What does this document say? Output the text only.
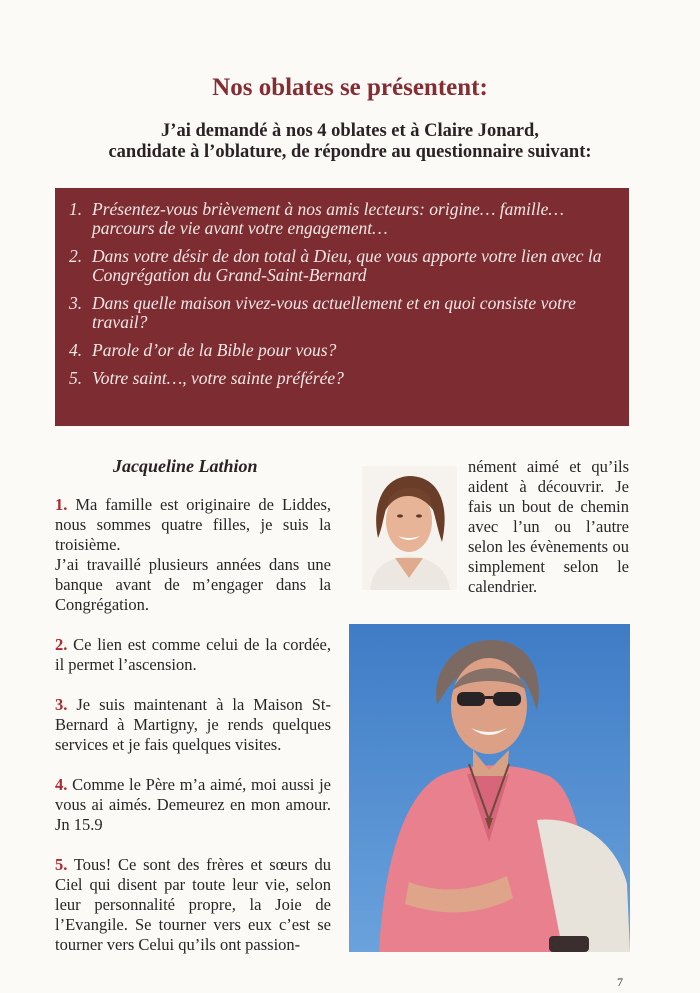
Nos oblates se présentent:
J’ai demandé à nos 4 oblates et à Claire Jonard,
candidate à l’oblature, de répondre au questionnaire suivant:
1. Présentez-vous brièvement à nos amis lecteurs: origine… famille… parcours de vie avant votre engagement…
2. Dans votre désir de don total à Dieu, que vous apporte votre lien avec la Congrégation du Grand-Saint-Bernard
3. Dans quelle maison vivez-vous actuellement et en quoi consiste votre travail?
4. Parole d’or de la Bible pour vous?
5. Votre saint…, votre sainte préférée?
Jacqueline Lathion

1. Ma famille est originaire de Liddes, nous sommes quatre filles, je suis la troisième.
J’ai travaillé plusieurs années dans une banque avant de m’engager dans la Congrégation.

2. Ce lien est comme celui de la cordée, il permet l’ascension.

3. Je suis maintenant à la Maison St-Bernard à Martigny, je rends quelques services et je fais quelques visites.

4. Comme le Père m’a aimé, moi aussi je vous ai aimés. Demeurez en mon amour. Jn 15.9

5. Tous! Ce sont des frères et sœurs du Ciel qui disent par toute leur vie, selon leur personnalité propre, la Joie de l’Evangile. Se tourner vers eux c’est se tourner vers Celui qu’ils ont passion-

nément aimé et qu’ils aident à découvrir. Je fais un bout de chemin avec l’un ou l’autre selon les évènements ou simplement selon le calendrier.

7
